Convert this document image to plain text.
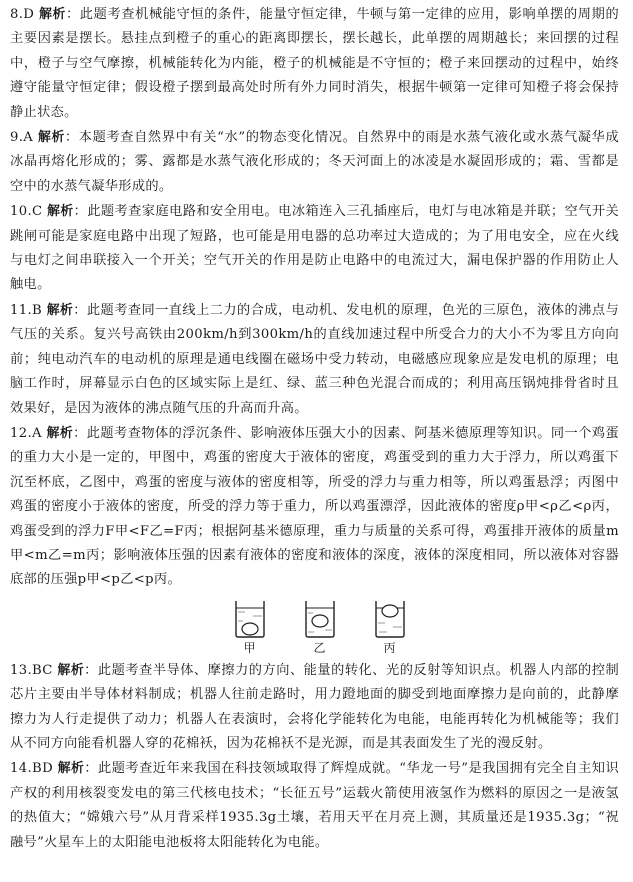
8.D 解析：此题考查机械能守恒的条件，能量守恒定律，牛顿与第一定律的应用，影响单摆的周期的主要因素是摆长。悬挂点到橙子的重心的距离即摆长，摆长越长，此单摆的周期越长；来回摆的过程中，橙子与空气摩擦，机械能转化为内能，橙子的机械能是不守恒的；橙子来回摆动的过程中，始终遵守能量守恒定律；假设橙子摆到最高处时所有外力同时消失，根据牛顿第一定律可知橙子将会保持静止状态。
9.A 解析：本题考查自然界中有关“水”的物态变化情况。自然界中的雨是水蒸气液化或水蒸气凝华成冰晶再熔化形成的；雾、露都是水蒸气液化形成的；冬天河面上的冰凌是水凝固形成的；霜、雪都是空中的水蒸气凝华形成的。
10.C 解析：此题考查家庭电路和安全用电。电冰箱连入三孔插座后，电灯与电冰箱是并联；空气开关跳闸可能是家庭电路中出现了短路，也可能是用电器的总功率过大造成的；为了用电安全，应在火线与电灯之间串联接入一个开关；空气开关的作用是防止电路中的电流过大，漏电保护器的作用防止人触电。
11.B 解析：此题考查同一直线上二力的合成，电动机、发电机的原理，色光的三原色，液体的沸点与气压的关系。复兴号高铁由200km/h到300km/h的直线加速过程中所受合力的大小不为零且方向向前；纯电动汽车的电动机的原理是通电线圈在磁场中受力转动，电磁感应现象应是发电机的原理；电脑工作时，屏幕显示白色的区域实际上是红、绿、蓝三种色光混合而成的；利用高压锅炖排骨省时且效果好，是因为液体的沸点随气压的升高而升高。
12.A 解析：此题考查物体的浮沉条件、影响液体压强大小的因素、阿基米德原理等知识。同一个鸡蛋的重力大小是一定的，甲图中，鸡蛋的密度大于液体的密度，鸡蛋受到的重力大于浮力，所以鸡蛋下沉至杯底，乙图中，鸡蛋的密度与液体的密度相等，所受的浮力与重力相等，所以鸡蛋悬浮；丙图中鸡蛋的密度小于液体的密度，所受的浮力等于重力，所以鸡蛋漂浮，因此液体的密度ρ甲<ρ乙<ρ丙，鸡蛋受到的浮力F甲<F乙=F丙；根据阿基米德原理，重力与质量的关系可得，鸡蛋排开液体的质量m甲<m乙=m丙；影响液体压强的因素有液体的密度和液体的深度，液体的深度相同，所以液体对容器底部的压强p甲<p乙<p丙。
甲	乙	丙
13.BC 解析：此题考查半导体、摩擦力的方向、能量的转化、光的反射等知识点。机器人内部的控制芯片主要由半导体材料制成；机器人往前走路时，用力蹬地面的脚受到地面摩擦力是向前的，此静摩擦力为人行走提供了动力；机器人在表演时，会将化学能转化为电能，电能再转化为机械能等；我们从不同方向能看机器人穿的花棉袄，因为花棉袄不是光源，而是其表面发生了光的漫反射。
14.BD 解析：此题考查近年来我国在科技领域取得了辉煌成就。“华龙一号”是我国拥有完全自主知识产权的利用核裂变发电的第三代核电技术；“长征五号”运载火箭使用液氢作为燃料的原因之一是液氢的热值大；“嫦娥六号”从月背采样1935.3g土壤，若用天平在月亮上测，其质量还是1935.3g；“祝融号”火星车上的太阳能电池板将太阳能转化为电能。
